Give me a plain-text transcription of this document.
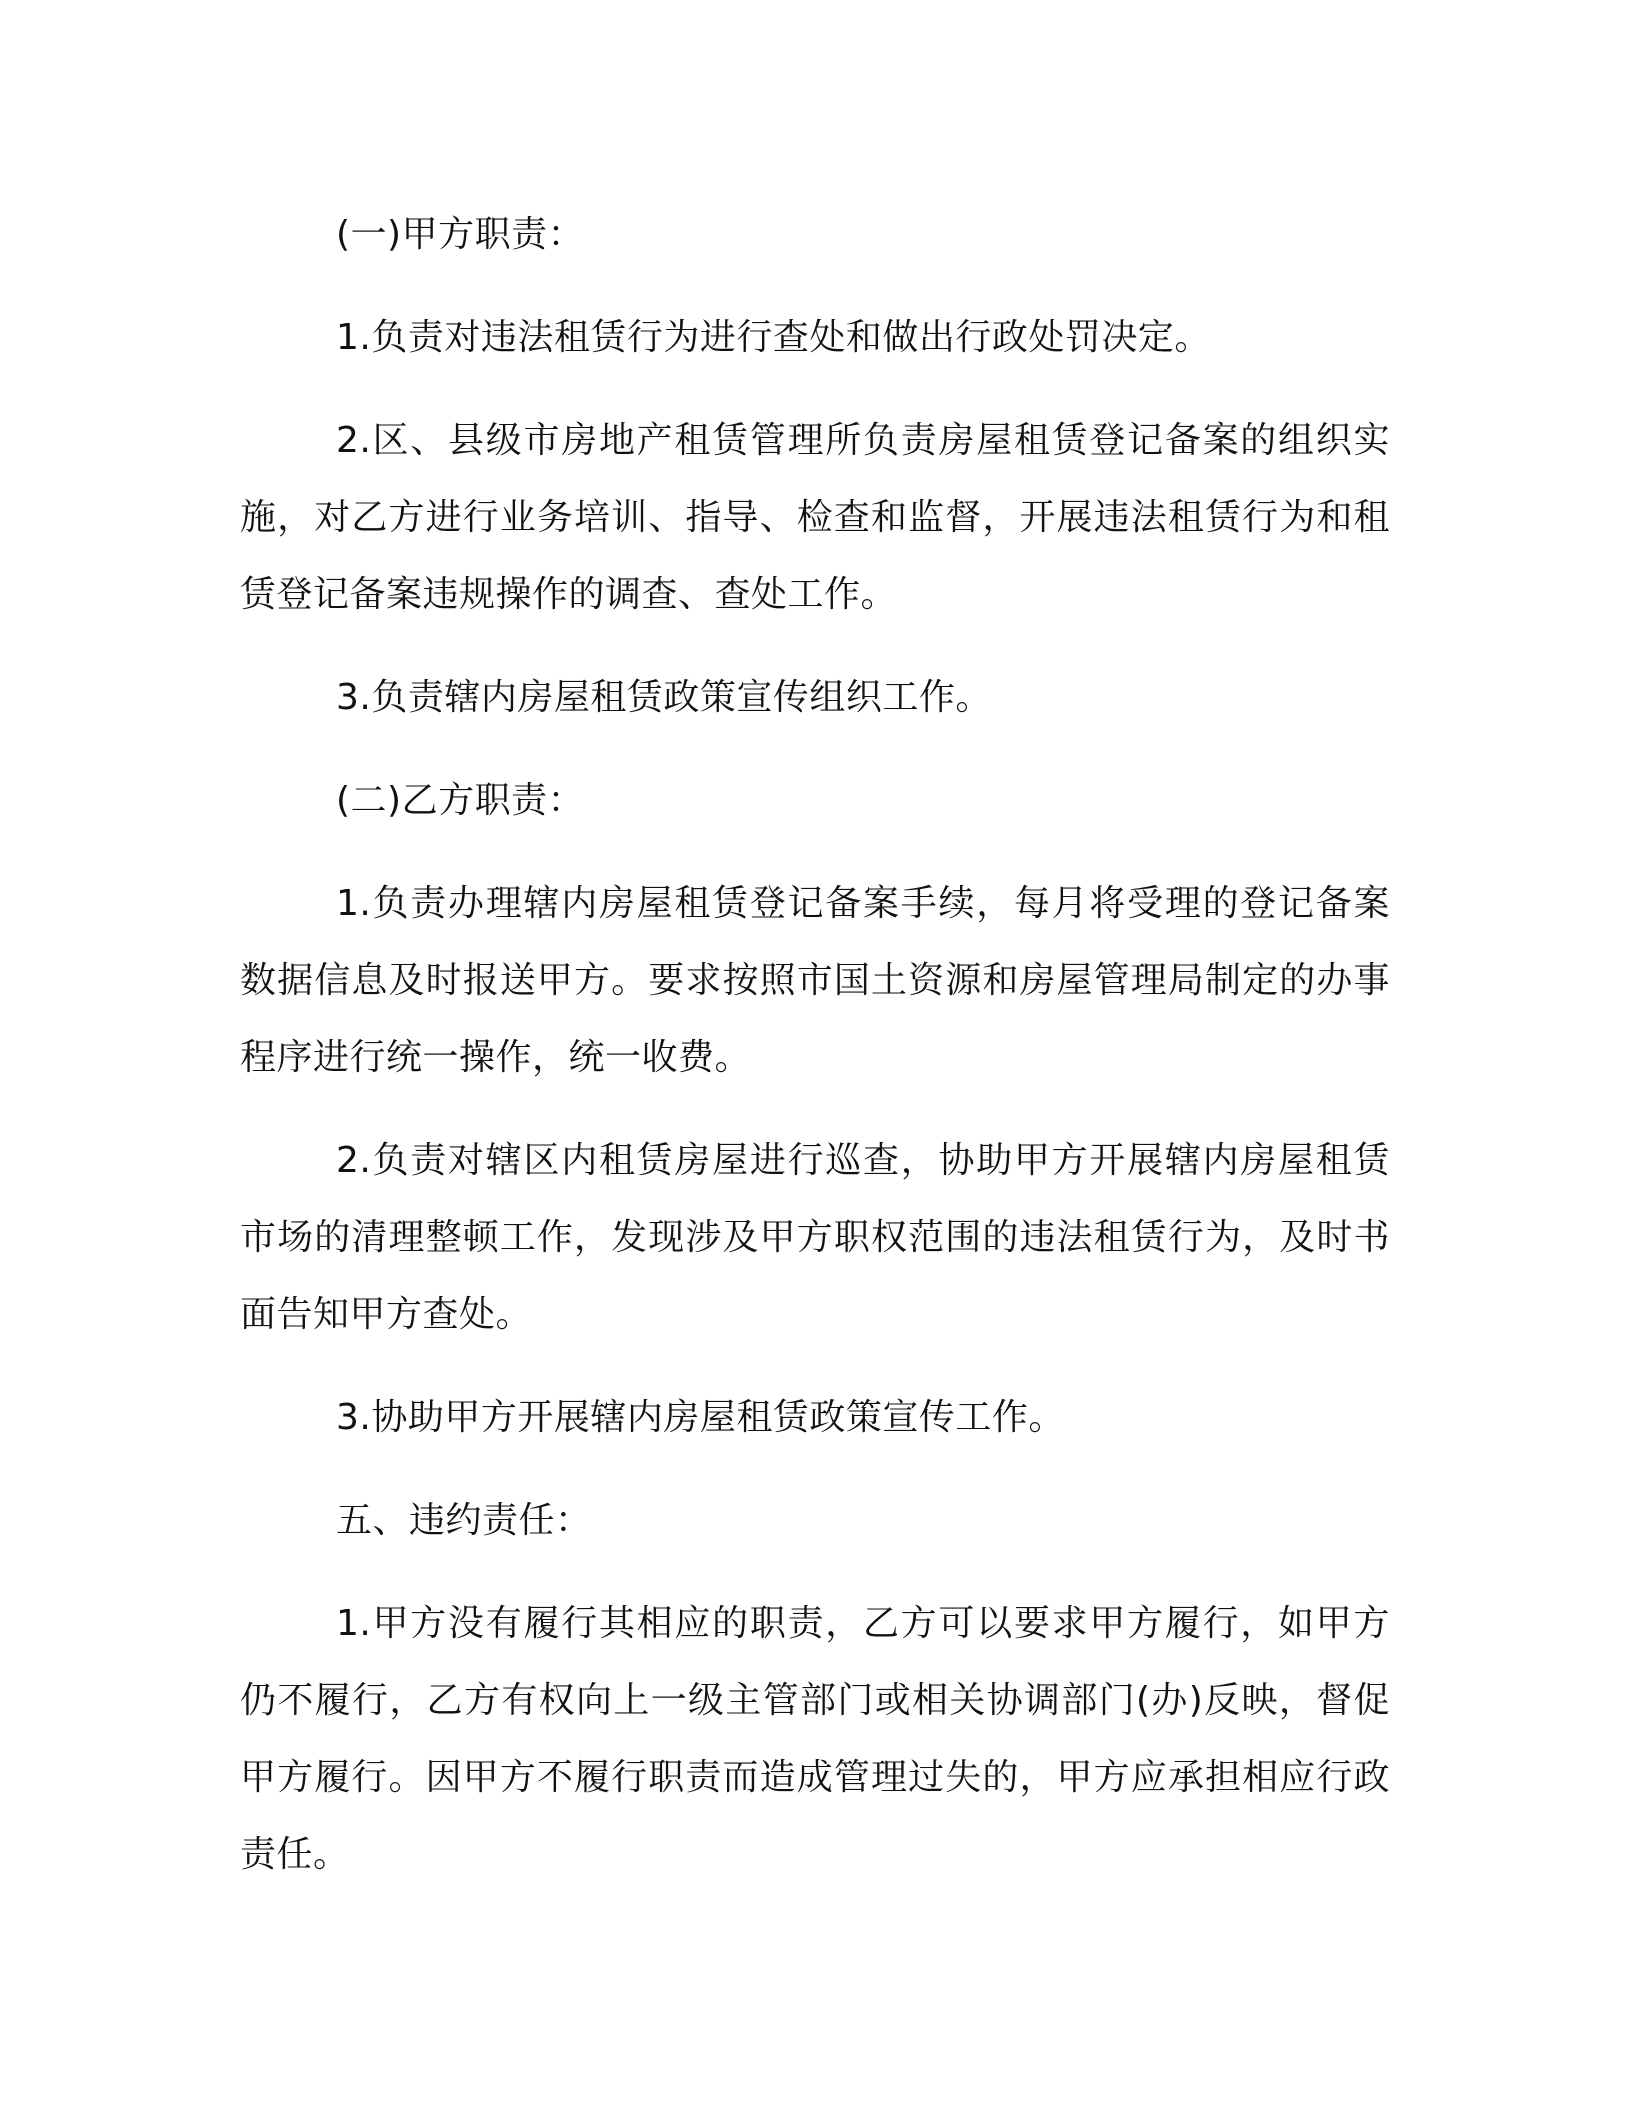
(一)甲方职责：

1.负责对违法租赁行为进行查处和做出行政处罚决定。

2.区、县级市房地产租赁管理所负责房屋租赁登记备案的组织实施，对乙方进行业务培训、指导、检查和监督，开展违法租赁行为和租赁登记备案违规操作的调查、查处工作。

3.负责辖内房屋租赁政策宣传组织工作。

(二)乙方职责：

1.负责办理辖内房屋租赁登记备案手续，每月将受理的登记备案数据信息及时报送甲方。要求按照市国土资源和房屋管理局制定的办事程序进行统一操作，统一收费。

2.负责对辖区内租赁房屋进行巡查，协助甲方开展辖内房屋租赁市场的清理整顿工作，发现涉及甲方职权范围的违法租赁行为，及时书面告知甲方查处。

3.协助甲方开展辖内房屋租赁政策宣传工作。

五、违约责任：

1.甲方没有履行其相应的职责，乙方可以要求甲方履行，如甲方仍不履行，乙方有权向上一级主管部门或相关协调部门(办)反映，督促甲方履行。因甲方不履行职责而造成管理过失的，甲方应承担相应行政责任。
